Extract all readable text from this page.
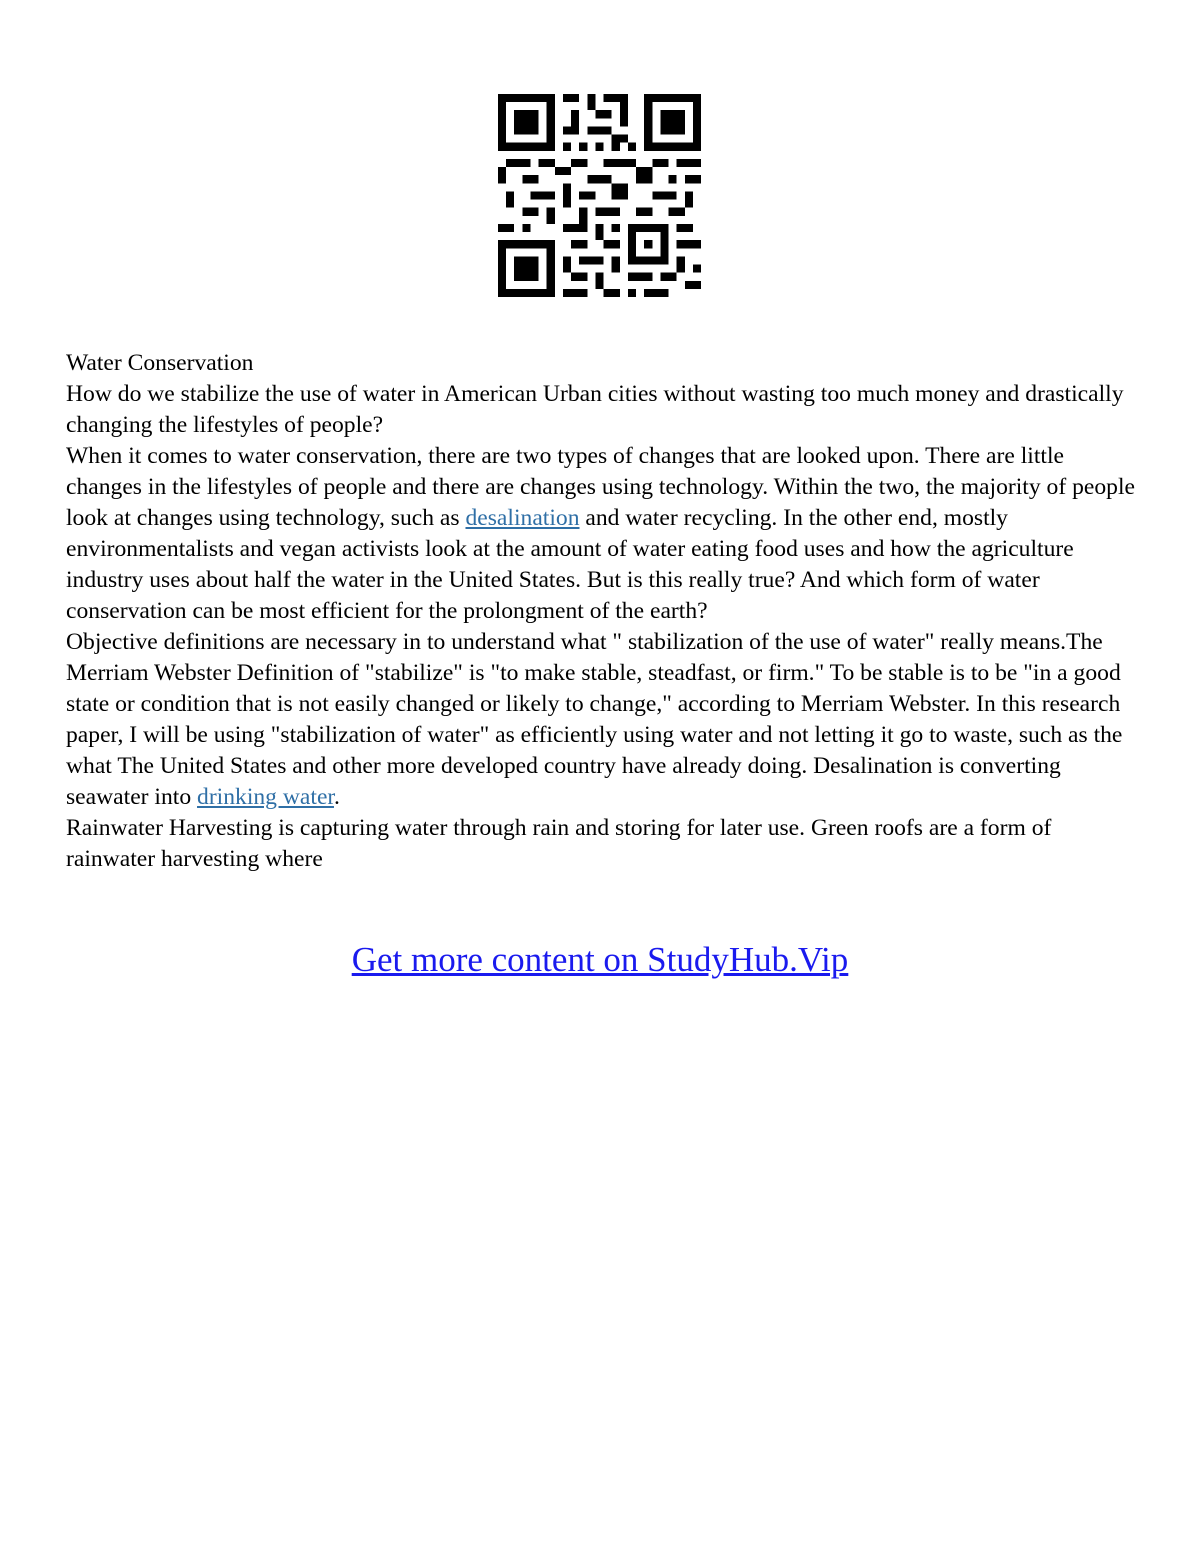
Water Conservation

How do we stabilize the use of water in American Urban cities without wasting too much money and drastically changing the lifestyles of people?

When it comes to water conservation, there are two types of changes that are looked upon. There are little changes in the lifestyles of people and there are changes using technology. Within the two, the majority of people look at changes using technology, such as desalination and water recycling. In the other end, mostly environmentalists and vegan activists look at the amount of water eating food uses and how the agriculture industry uses about half the water in the United States. But is this really true? And which form of water conservation can be most efficient for the prolongment of the earth?

Objective definitions are necessary in to understand what " stabilization of the use of water" really means.The Merriam Webster Definition of "stabilize" is "to make stable, steadfast, or firm." To be stable is to be "in a good state or condition that is not easily changed or likely to change," according to Merriam Webster. In this research paper, I will be using "stabilization of water" as efficiently using water and not letting it go to waste, such as the what The United States and other more developed country have already doing. Desalination is converting seawater into drinking water.

Rainwater Harvesting is capturing water through rain and storing for later use. Green roofs are a form of rainwater harvesting where

Get more content on StudyHub.Vip
